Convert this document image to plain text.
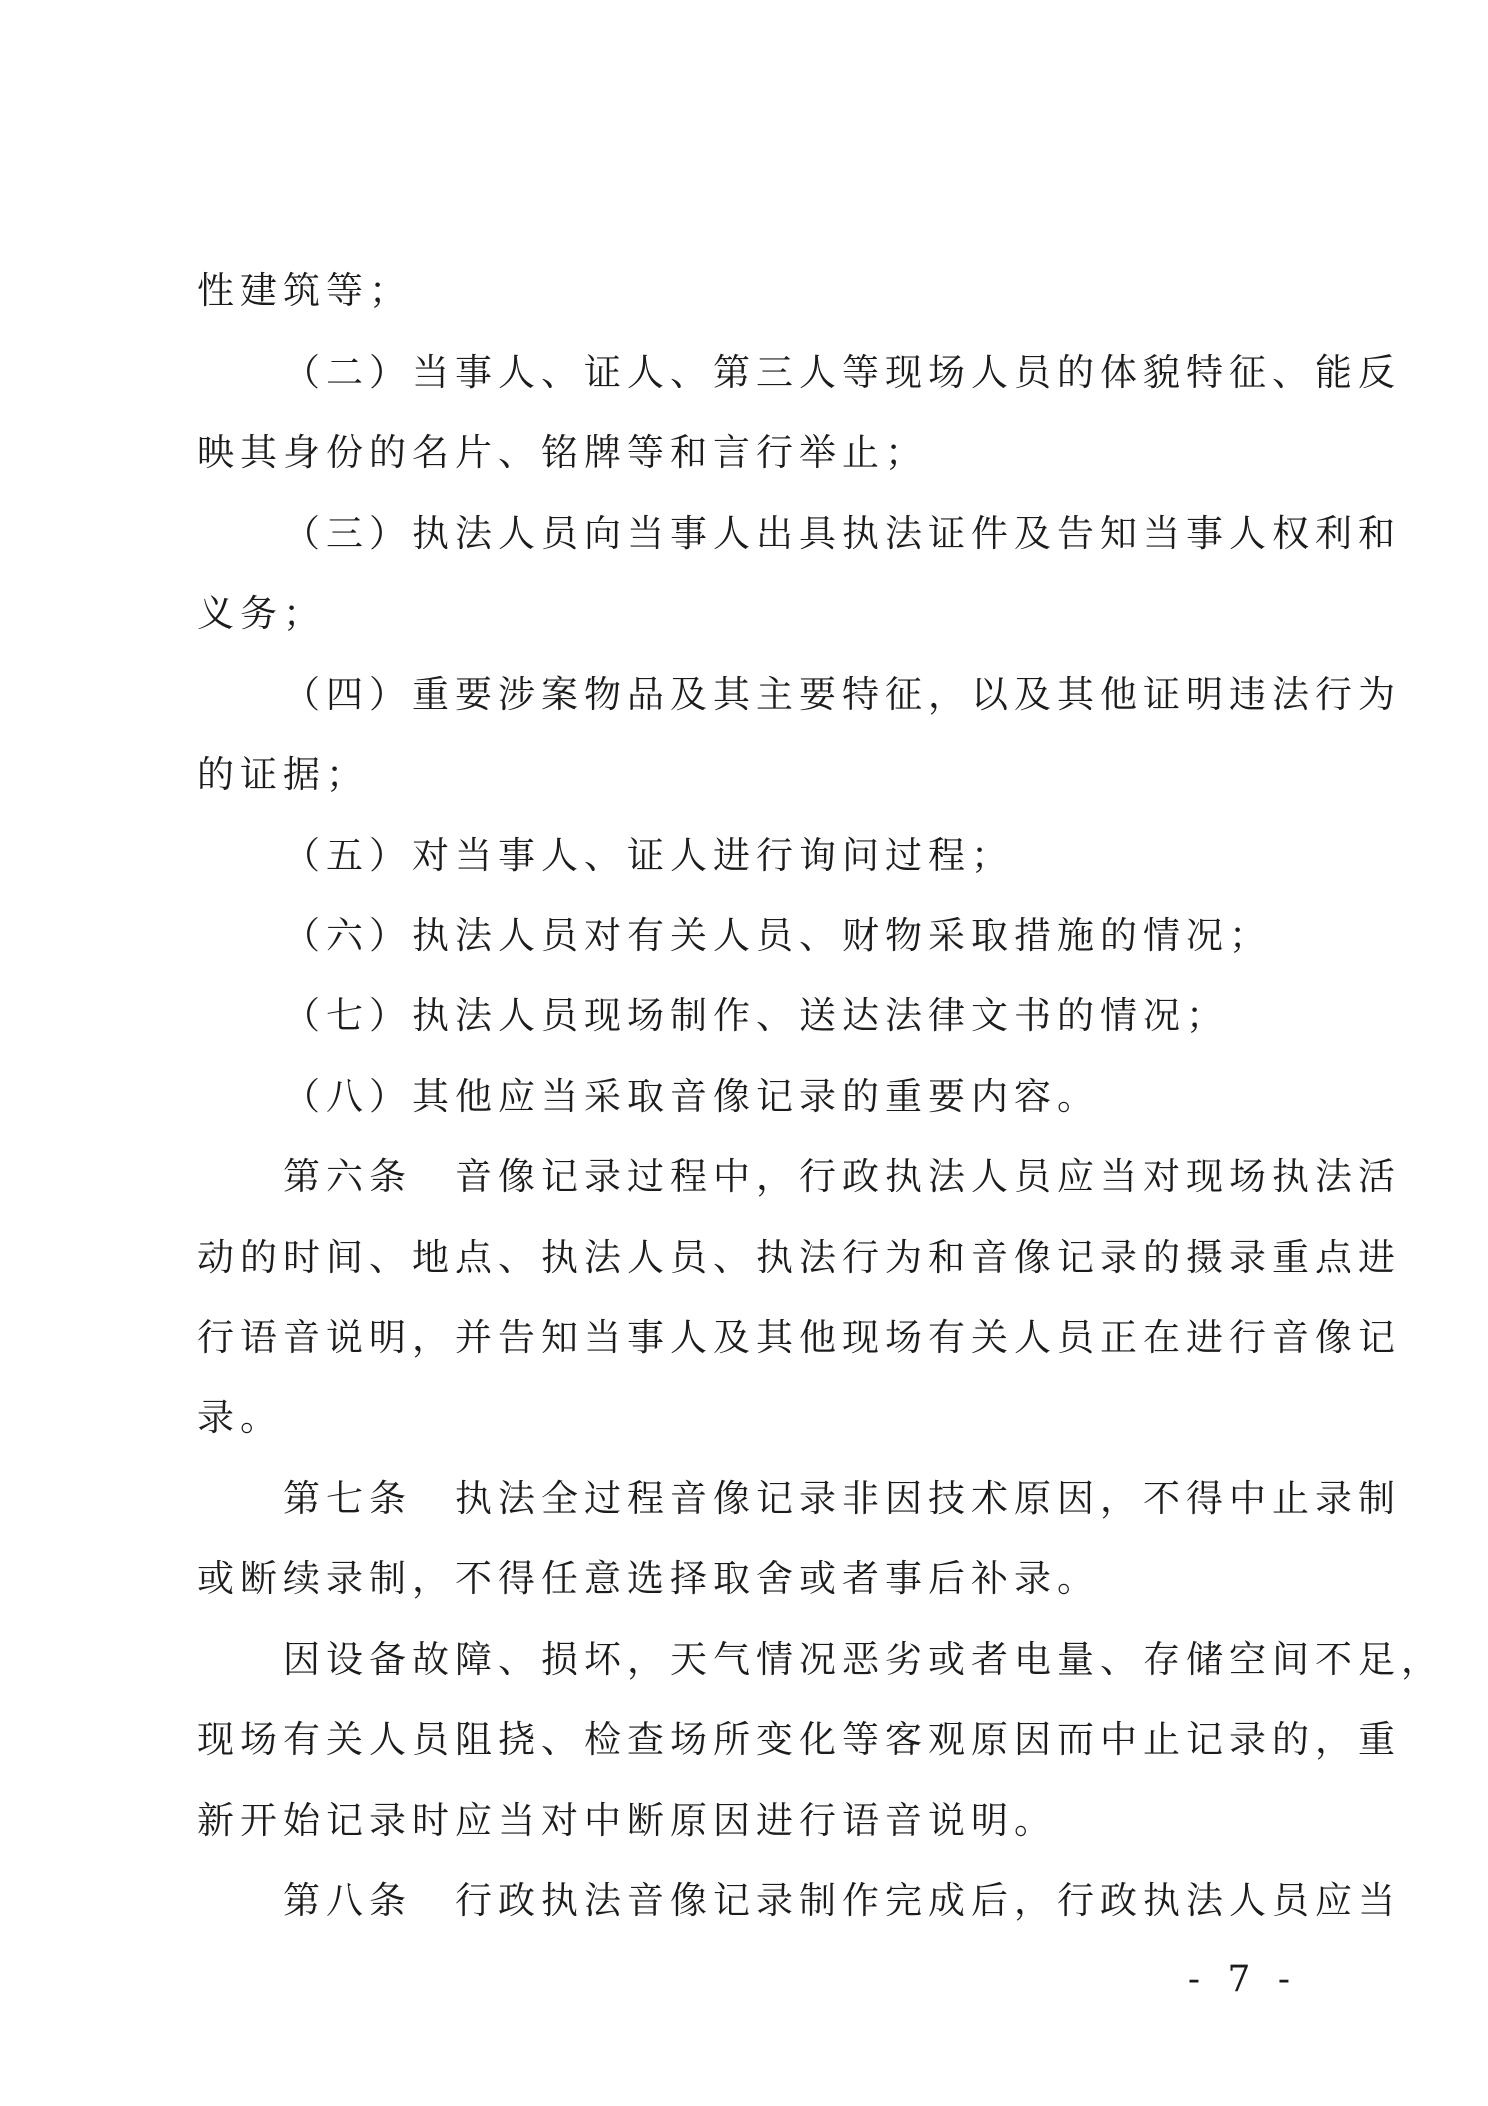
性建筑等；
（二）当事人、证人、第三人等现场人员的体貌特征、能反
映其身份的名片、铭牌等和言行举止；
（三）执法人员向当事人出具执法证件及告知当事人权利和
义务；
（四）重要涉案物品及其主要特征，以及其他证明违法行为
的证据；
（五）对当事人、证人进行询问过程；
（六）执法人员对有关人员、财物采取措施的情况；
（七）执法人员现场制作、送达法律文书的情况；
（八）其他应当采取音像记录的重要内容。
第六条　音像记录过程中，行政执法人员应当对现场执法活
动的时间、地点、执法人员、执法行为和音像记录的摄录重点进
行语音说明，并告知当事人及其他现场有关人员正在进行音像记
录。
第七条　执法全过程音像记录非因技术原因，不得中止录制
或断续录制，不得任意选择取舍或者事后补录。
因设备故障、损坏，天气情况恶劣或者电量、存储空间不足，
现场有关人员阻挠、检查场所变化等客观原因而中止记录的，重
新开始记录时应当对中断原因进行语音说明。
第八条　行政执法音像记录制作完成后，行政执法人员应当
- 7 -
